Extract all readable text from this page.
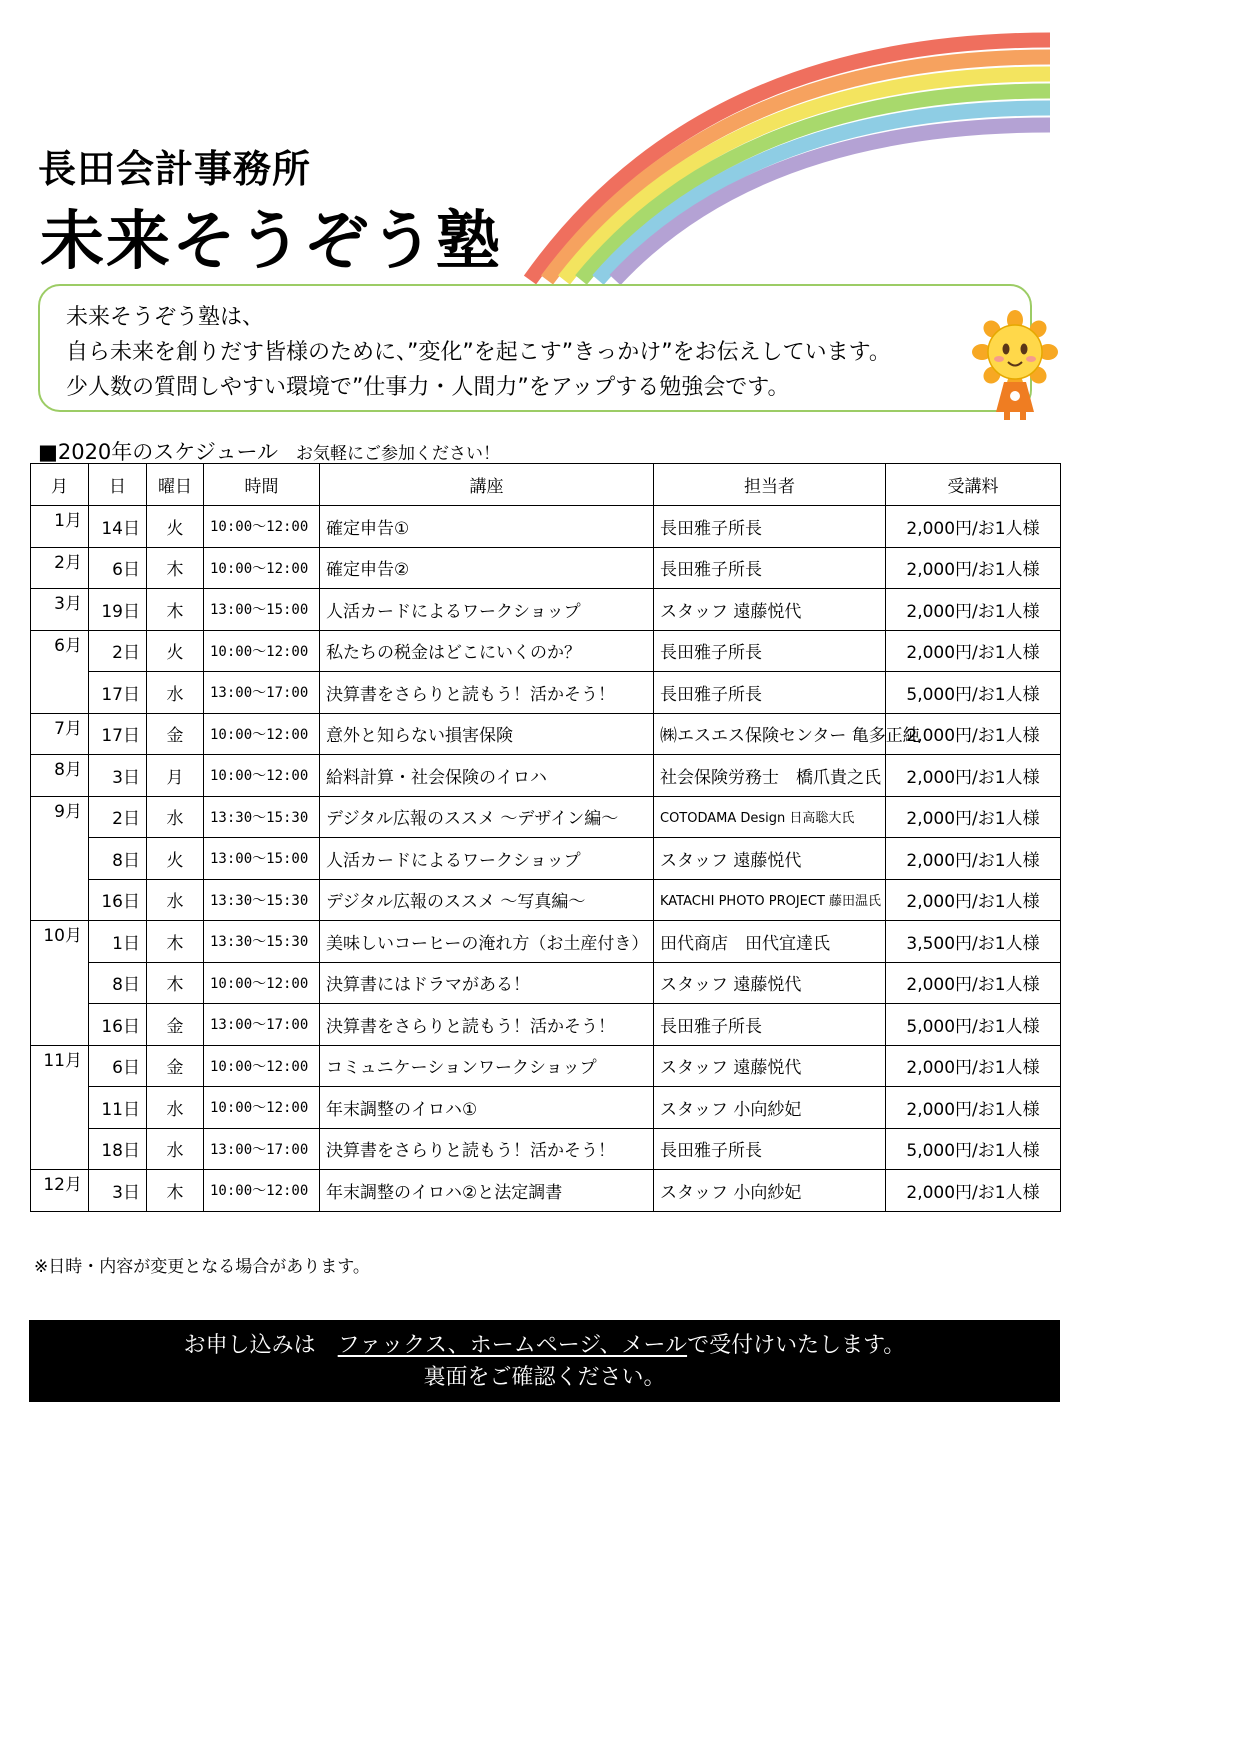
長田会計事務所
未来そうぞう塾
未来そうぞう塾は、
自ら未来を創りだす皆様のために、”変化”を起こす”きっかけ”をお伝えしています。
少人数の質問しやすい環境で”仕事力・人間力”をアップする勉強会です。
■2020年のスケジュール お気軽にご参加ください！
月	日	曜日	時間	講座	担当者	受講料
1月	14日	火	10:00～12:00	確定申告①	長田雅子所長	2,000円/お1人様
2月	6日	木	10:00～12:00	確定申告②	長田雅子所長	2,000円/お1人様
3月	19日	木	13:00～15:00	人活カードによるワークショップ	スタッフ 遠藤悦代	2,000円/お1人様
6月	2日	火	10:00～12:00	私たちの税金はどこにいくのか？	長田雅子所長	2,000円/お1人様
	17日	水	13:00～17:00	決算書をさらりと読もう！活かそう！	長田雅子所長	5,000円/お1人様
7月	17日	金	10:00～12:00	意外と知らない損害保険	㈱エスエス保険センター 亀多正純	2,000円/お1人様
8月	3日	月	10:00～12:00	給料計算・社会保険のイロハ	社会保険労務士　橋爪貴之氏	2,000円/お1人様
9月	2日	水	13:30～15:30	デジタル広報のススメ ～デザイン編～	COTODAMA Design 日高聡大氏	2,000円/お1人様
	8日	火	13:00～15:00	人活カードによるワークショップ	スタッフ 遠藤悦代	2,000円/お1人様
	16日	水	13:30～15:30	デジタル広報のススメ ～写真編～	KATACHI PHOTO PROJECT 藤田温氏	2,000円/お1人様
10月	1日	木	13:30～15:30	美味しいコーヒーの淹れ方（お土産付き）	田代商店　田代宜達氏	3,500円/お1人様
	8日	木	10:00～12:00	決算書にはドラマがある！	スタッフ 遠藤悦代	2,000円/お1人様
	16日	金	13:00～17:00	決算書をさらりと読もう！活かそう！	長田雅子所長	5,000円/お1人様
11月	6日	金	10:00～12:00	コミュニケーションワークショップ	スタッフ 遠藤悦代	2,000円/お1人様
	11日	水	10:00～12:00	年末調整のイロハ①	スタッフ 小向紗妃	2,000円/お1人様
	18日	水	13:00～17:00	決算書をさらりと読もう！活かそう！	長田雅子所長	5,000円/お1人様
12月	3日	木	10:00～12:00	年末調整のイロハ②と法定調書	スタッフ 小向紗妃	2,000円/お1人様
※日時・内容が変更となる場合があります。
お申し込みは　ファックス、ホームページ、メールで受付けいたします。
裏面をご確認ください。
